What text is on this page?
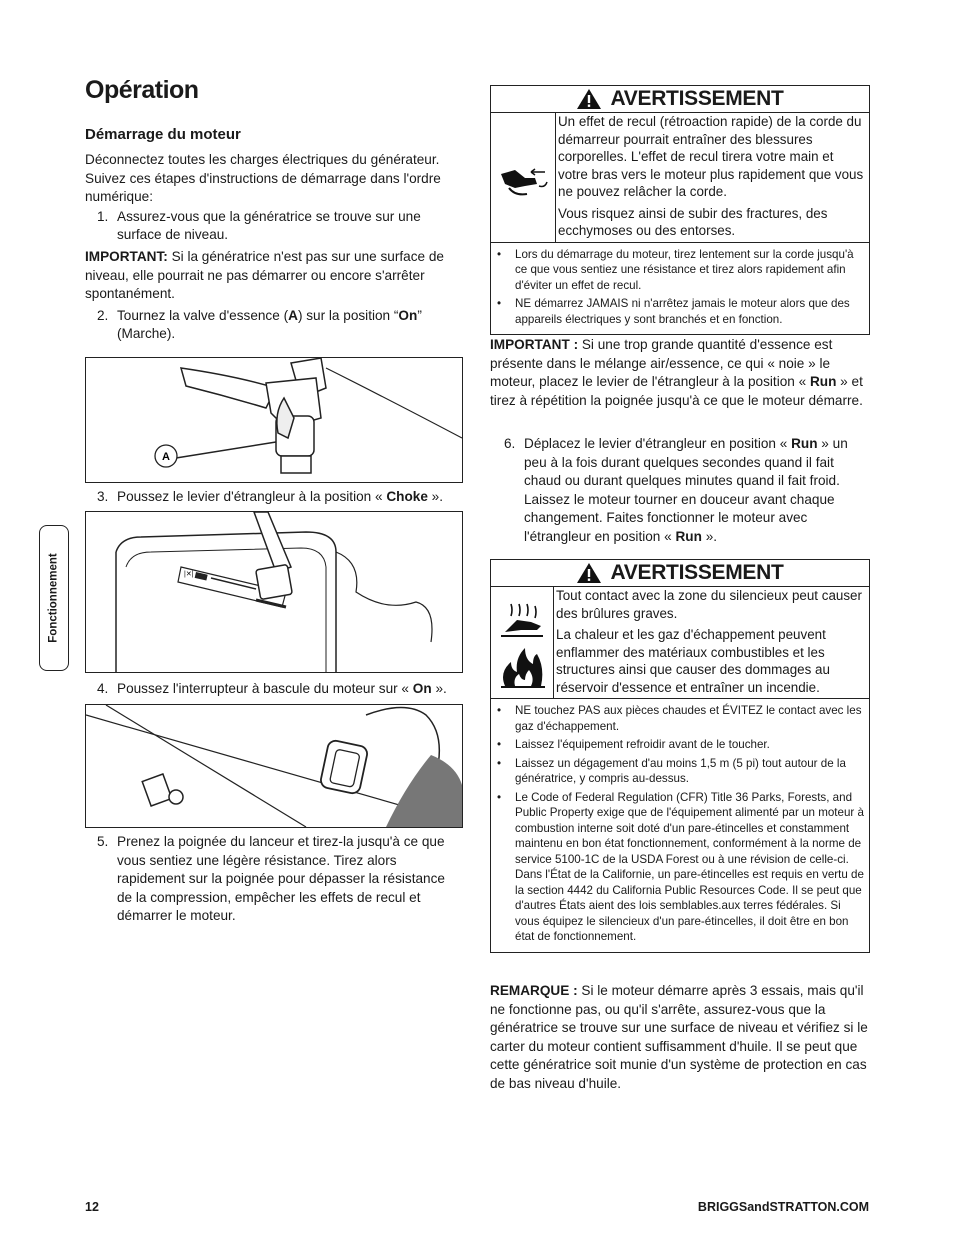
Opération
Fonctionnement
Démarrage du moteur
Déconnectez toutes les charges électriques du générateur. Suivez ces étapes d'instructions de démarrage dans l'ordre numérique:
1. Assurez-vous que la génératrice se trouve sur une surface de niveau.
IMPORTANT: Si la génératrice n'est pas sur une surface de niveau, elle pourrait ne pas démarrer ou encore s'arrêter spontanément.
2. Tournez la valve d'essence (A) sur la position “On” (Marche).
A
3. Poussez le levier d'étrangleur à la position « Choke ».
|✕|
4. Poussez l'interrupteur à bascule du moteur sur « On ».
5. Prenez la poignée du lanceur et tirez-la jusqu'à ce que vous sentiez une légère résistance. Tirez alors rapidement sur la poignée pour dépasser la résistance de la compression, empêcher les effets de recul et démarrer le moteur.
AVERTISSEMENT
Un effet de recul (rétroaction rapide) de la corde du démarreur pourrait entraîner des blessures corporelles. L'effet de recul tirera votre main et votre bras vers le moteur plus rapidement que vous ne pouvez relâcher la corde.
Vous risquez ainsi de subir des fractures, des ecchymoses ou des entorses.
•	Lors du démarrage du moteur, tirez lentement sur la corde jusqu'à ce que vous sentiez une résistance et tirez alors rapidement afin d'éviter un effet de recul.
•	NE démarrez JAMAIS ni n'arrêtez jamais le moteur alors que des appareils électriques y sont branchés et en fonction.
IMPORTANT : Si une trop grande quantité d'essence est présente dans le mélange air/essence, ce qui « noie » le moteur, placez le levier de l'étrangleur à la position « Run » et tirez à répétition la poignée jusqu'à ce que le moteur démarre.
6. Déplacez le levier d'étrangleur en position « Run » un peu à la fois durant quelques secondes quand il fait chaud ou durant quelques minutes quand il fait froid. Laissez le moteur tourner en douceur avant chaque changement. Faites fonctionner le moteur avec l'étrangleur en position « Run ».
AVERTISSEMENT
Tout contact avec la zone du silencieux peut causer des brûlures graves.
La chaleur et les gaz d'échappement peuvent enflammer des matériaux combustibles et les structures ainsi que causer des dommages au réservoir d'essence et entraîner un incendie.
•	NE touchez PAS aux pièces chaudes et ÉVITEZ le contact avec les gaz d'échappement.
•	Laissez l'équipement refroidir avant de le toucher.
•	Laissez un dégagement d'au moins 1,5 m (5 pi) tout autour de la génératrice, y compris au-dessus.
•	Le Code of Federal Regulation (CFR) Title 36 Parks, Forests, and Public Property exige que de l'équipement alimenté par un moteur à combustion interne soit doté d'un pare-étincelles et constamment maintenu en bon état fonctionnement, conformément à la norme de service 5100-1C de la USDA Forest ou à une révision de celle-ci. Dans l'État de la Californie, un pare-étincelles est requis en vertu de la section 4442 du California Public Resources Code. Il se peut que d'autres États aient des lois semblables.aux terres fédérales. Si vous équipez le silencieux d'un pare-étincelles, il doit être en bon état de fonctionnement.
REMARQUE : Si le moteur démarre après 3 essais, mais qu'il ne fonctionne pas, ou qu'il s'arrête, assurez-vous que la génératrice se trouve sur une surface de niveau et vérifiez si le carter du moteur contient suffisamment d'huile. Il se peut que cette génératrice soit munie d'un système de protection en cas de bas niveau d'huile.
12	BRIGGSandSTRATTON.COM
